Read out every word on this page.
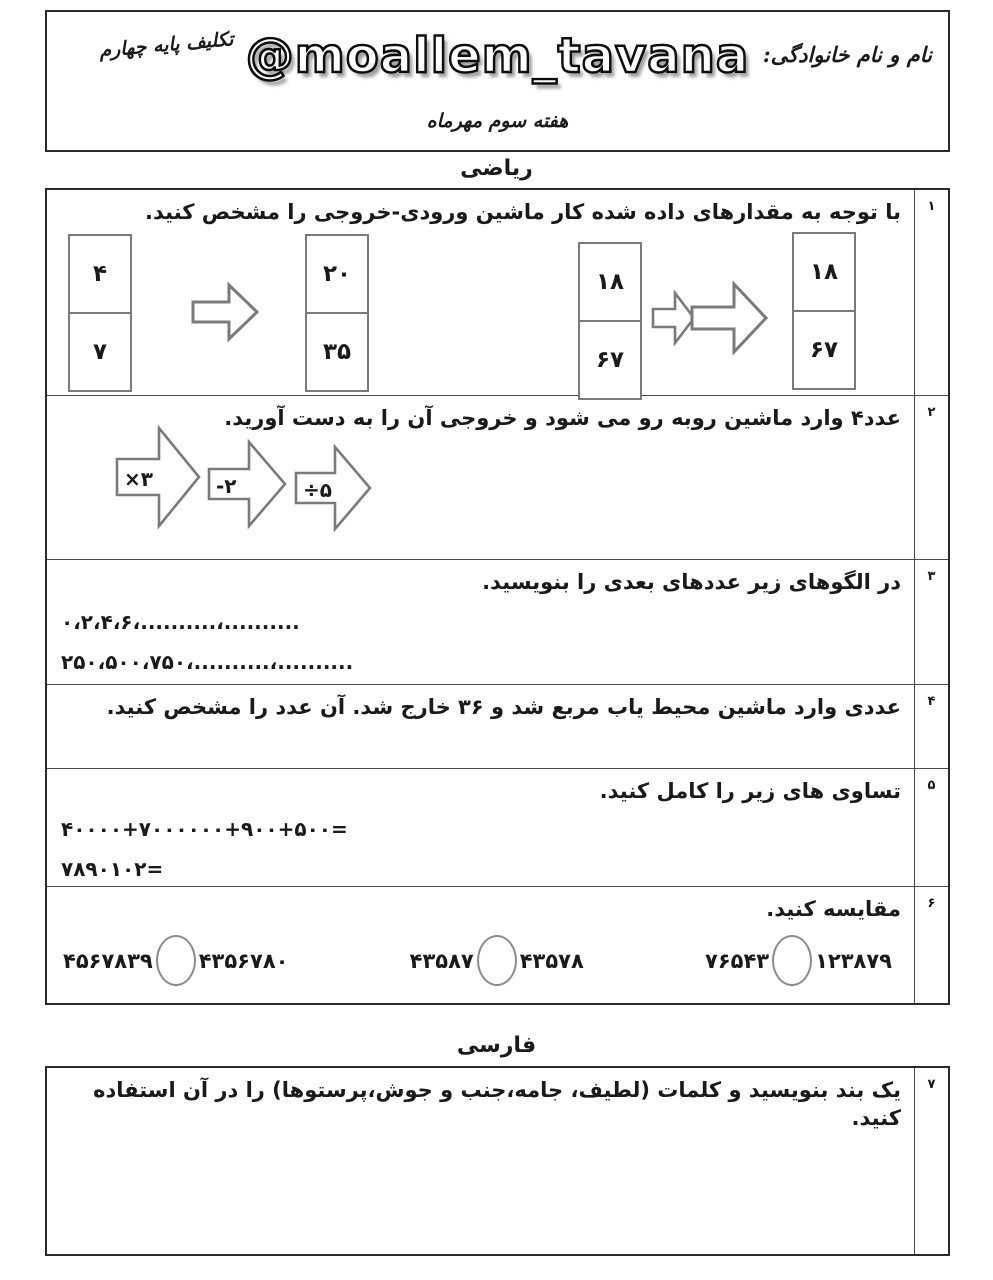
نام و نام خانوادگی:
@moallem_tavana
تکلیف پایه چهارم
هفته سوم مهرماه
ریاضی
با توجه به مقدارهای داده شده کار ماشین ورودی-خروجی را مشخص کنید.
۴
۷
۲۰
۳۵
۱۸
۶۷
۱۸
۶۷
۱
عدد۴ وارد ماشین روبه رو می شود و خروجی آن را به دست آورید.
×۳	-۲	÷۵
۲
در الگوهای زیر عددهای بعدی را بنویسید.
۰،۲،۴،۶،..........،..........
۲۵۰،۵۰۰،۷۵۰،..........،..........
۳
عددی وارد ماشین محیط یاب مربع شد و ۳۶ خارج شد. آن عدد را مشخص کنید.	۴
تساوی های زیر را کامل کنید.
۴۰۰۰۰+۷۰۰۰۰۰۰+۹۰۰+۵۰۰=
۷۸۹۰۱۰۲=
۵
مقایسه کنید.
۴۵۶۷۸۳۹ ۴۳۵۶۷۸۰	۴۳۵۸۷ ۴۳۵۷۸	۷۶۵۴۳ ۱۲۳۸۷۹
۶
فارسی
یک بند بنویسید و کلمات (لطیف، جامه،جنب و جوش،پرستوها) را در آن استفاده کنید.
۷
